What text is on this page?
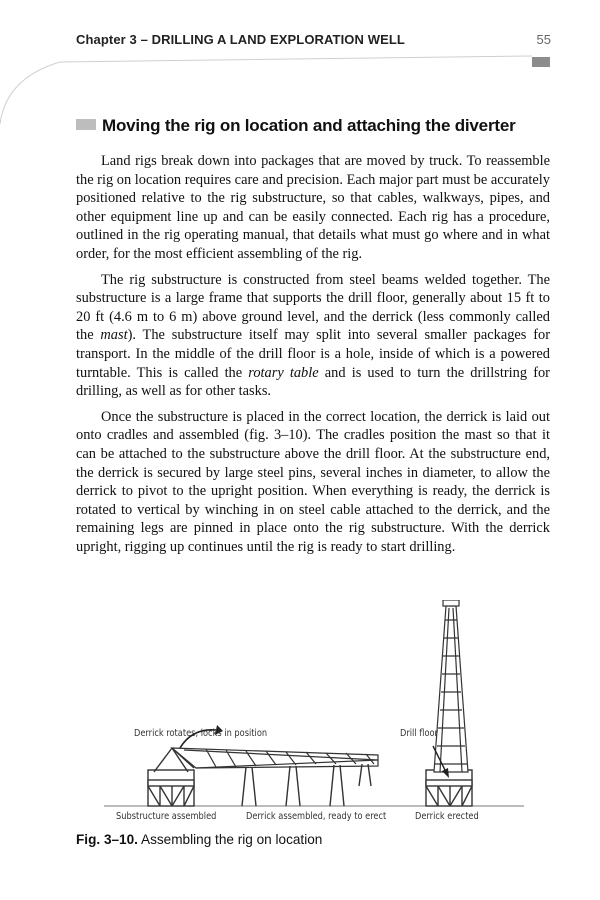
Chapter 3 – DRILLING A LAND EXPLORATION WELL	55
Moving the rig on location and attaching the diverter

Land rigs break down into packages that are moved by truck. To reassemble the rig on location requires care and precision. Each major part must be accurately positioned relative to the rig substructure, so that cables, walkways, pipes, and other equipment line up and can be easily connected. Each rig has a procedure, outlined in the rig operating manual, that details what must go where and in what order, for the most efficient assembling of the rig.

The rig substructure is constructed from steel beams welded together. The substructure is a large frame that supports the drill floor, generally about 15 ft to 20 ft (4.6 m to 6 m) above ground level, and the derrick (less commonly called the mast). The substructure itself may split into several smaller packages for transport. In the middle of the drill floor is a hole, inside of which is a powered turntable. This is called the rotary table and is used to turn the drillstring for drilling, as well as for other tasks.

Once the substructure is placed in the correct location, the derrick is laid out onto cradles and assembled (fig. 3–10). The cradles position the mast so that it can be attached to the substructure above the drill floor. At the substructure end, the derrick is secured by large steel pins, several inches in diameter, to allow the derrick to pivot to the upright position. When everything is ready, the derrick is rotated to vertical by winching in on steel cable attached to the derrick, and the remaining legs are pinned in place onto the rig substructure. With the derrick upright, rigging up continues until the rig is ready to start drilling.

Derrick rotates, locks in position	Drill floor
Substructure assembled	Derrick assembled, ready to erect	Derrick erected
Fig. 3–10. Assembling the rig on location
